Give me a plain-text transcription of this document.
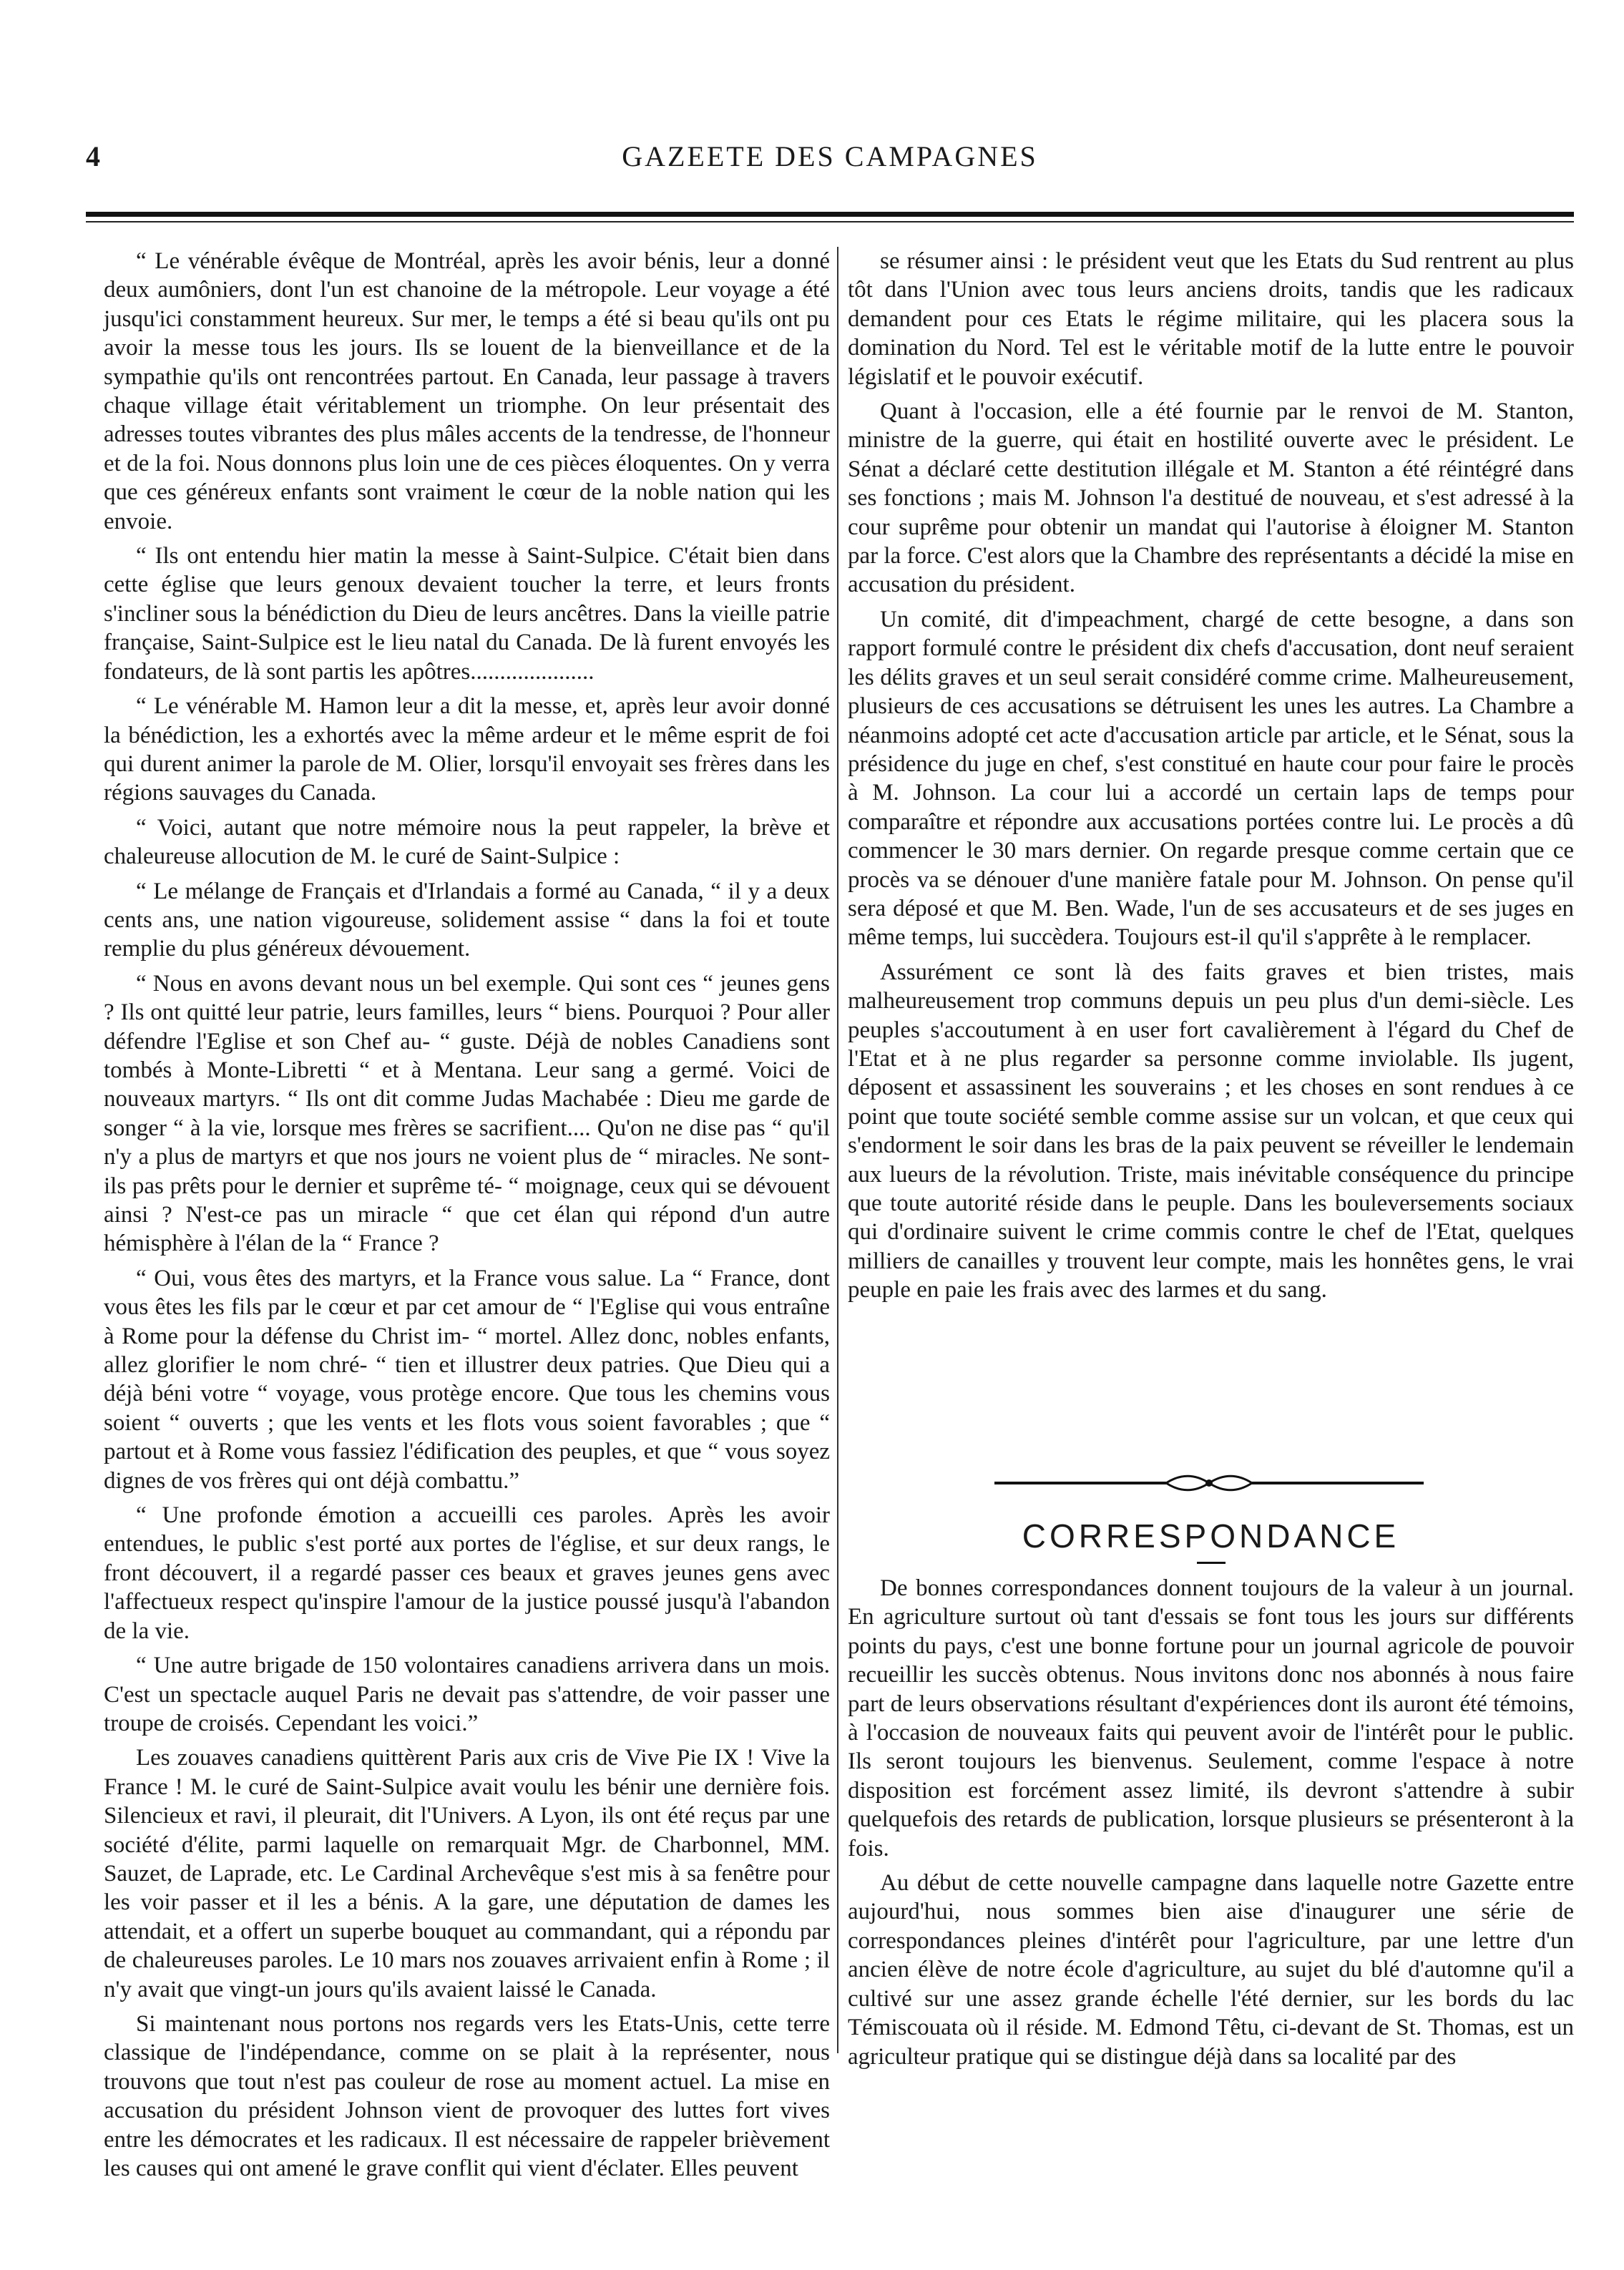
4	GAZEETE DES CAMPAGNES

“ Le vénérable évêque de Montréal, après les avoir bénis, leur a donné deux aumôniers, dont l'un est chanoine de la métropole. Leur voyage a été jusqu'ici constamment heureux. Sur mer, le temps a été si beau qu'ils ont pu avoir la messe tous les jours. Ils se louent de la bienveillance et de la sympathie qu'ils ont rencontrées partout. En Canada, leur passage à travers chaque village était véritablement un triomphe. On leur présentait des adresses toutes vibrantes des plus mâles accents de la tendresse, de l'honneur et de la foi. Nous donnons plus loin une de ces pièces éloquentes. On y verra que ces généreux enfants sont vraiment le cœur de la noble nation qui les envoie.

“ Ils ont entendu hier matin la messe à Saint-Sulpice. C'était bien dans cette église que leurs genoux devaient toucher la terre, et leurs fronts s'incliner sous la bénédiction du Dieu de leurs ancêtres. Dans la vieille patrie française, Saint-Sulpice est le lieu natal du Canada. De là furent envoyés les fondateurs, de là sont partis les apôtres.....................

“ Le vénérable M. Hamon leur a dit la messe, et, après leur avoir donné la bénédiction, les a exhortés avec la même ardeur et le même esprit de foi qui durent animer la parole de M. Olier, lorsqu'il envoyait ses frères dans les régions sauvages du Canada.

“ Voici, autant que notre mémoire nous la peut rappeler, la brève et chaleureuse allocution de M. le curé de Saint-Sulpice :

“ Le mélange de Français et d'Irlandais a formé au Canada, “ il y a deux cents ans, une nation vigoureuse, solidement assise “ dans la foi et toute remplie du plus généreux dévouement.

“ Nous en avons devant nous un bel exemple. Qui sont ces “ jeunes gens ? Ils ont quitté leur patrie, leurs familles, leurs “ biens. Pourquoi ? Pour aller défendre l'Eglise et son Chef au- “ guste. Déjà de nobles Canadiens sont tombés à Monte-Libretti “ et à Mentana. Leur sang a germé. Voici de nouveaux martyrs. “ Ils ont dit comme Judas Machabée : Dieu me garde de songer “ à la vie, lorsque mes frères se sacrifient.... Qu'on ne dise pas “ qu'il n'y a plus de martyrs et que nos jours ne voient plus de “ miracles. Ne sont-ils pas prêts pour le dernier et suprême té- “ moignage, ceux qui se dévouent ainsi ? N'est-ce pas un miracle “ que cet élan qui répond d'un autre hémisphère à l'élan de la “ France ?

“ Oui, vous êtes des martyrs, et la France vous salue. La “ France, dont vous êtes les fils par le cœur et par cet amour de “ l'Eglise qui vous entraîne à Rome pour la défense du Christ im- “ mortel. Allez donc, nobles enfants, allez glorifier le nom chré- “ tien et illustrer deux patries. Que Dieu qui a déjà béni votre “ voyage, vous protège encore. Que tous les chemins vous soient “ ouverts ; que les vents et les flots vous soient favorables ; que “ partout et à Rome vous fassiez l'édification des peuples, et que “ vous soyez dignes de vos frères qui ont déjà combattu.”

“ Une profonde émotion a accueilli ces paroles. Après les avoir entendues, le public s'est porté aux portes de l'église, et sur deux rangs, le front découvert, il a regardé passer ces beaux et graves jeunes gens avec l'affectueux respect qu'inspire l'amour de la justice poussé jusqu'à l'abandon de la vie.

“ Une autre brigade de 150 volontaires canadiens arrivera dans un mois. C'est un spectacle auquel Paris ne devait pas s'attendre, de voir passer une troupe de croisés. Cependant les voici.”

Les zouaves canadiens quittèrent Paris aux cris de Vive Pie IX ! Vive la France ! M. le curé de Saint-Sulpice avait voulu les bénir une dernière fois. Silencieux et ravi, il pleurait, dit l'Univers. A Lyon, ils ont été reçus par une société d'élite, parmi laquelle on remarquait Mgr. de Charbonnel, MM. Sauzet, de Laprade, etc. Le Cardinal Archevêque s'est mis à sa fenêtre pour les voir passer et il les a bénis. A la gare, une députation de dames les attendait, et a offert un superbe bouquet au commandant, qui a répondu par de chaleureuses paroles. Le 10 mars nos zouaves arrivaient enfin à Rome ; il n'y avait que vingt-un jours qu'ils avaient laissé le Canada.

Si maintenant nous portons nos regards vers les Etats-Unis, cette terre classique de l'indépendance, comme on se plait à la représenter, nous trouvons que tout n'est pas couleur de rose au moment actuel. La mise en accusation du président Johnson vient de provoquer des luttes fort vives entre les démocrates et les radicaux. Il est nécessaire de rappeler brièvement les causes qui ont amené le grave conflit qui vient d'éclater. Elles peuvent

se résumer ainsi : le président veut que les Etats du Sud rentrent au plus tôt dans l'Union avec tous leurs anciens droits, tandis que les radicaux demandent pour ces Etats le régime militaire, qui les placera sous la domination du Nord. Tel est le véritable motif de la lutte entre le pouvoir législatif et le pouvoir exécutif.

Quant à l'occasion, elle a été fournie par le renvoi de M. Stanton, ministre de la guerre, qui était en hostilité ouverte avec le président. Le Sénat a déclaré cette destitution illégale et M. Stanton a été réintégré dans ses fonctions ; mais M. Johnson l'a destitué de nouveau, et s'est adressé à la cour suprême pour obtenir un mandat qui l'autorise à éloigner M. Stanton par la force. C'est alors que la Chambre des représentants a décidé la mise en accusation du président.

Un comité, dit d'impeachment, chargé de cette besogne, a dans son rapport formulé contre le président dix chefs d'accusation, dont neuf seraient les délits graves et un seul serait considéré comme crime. Malheureusement, plusieurs de ces accusations se détruisent les unes les autres. La Chambre a néanmoins adopté cet acte d'accusation article par article, et le Sénat, sous la présidence du juge en chef, s'est constitué en haute cour pour faire le procès à M. Johnson. La cour lui a accordé un certain laps de temps pour comparaître et répondre aux accusations portées contre lui. Le procès a dû commencer le 30 mars dernier. On regarde presque comme certain que ce procès va se dénouer d'une manière fatale pour M. Johnson. On pense qu'il sera déposé et que M. Ben. Wade, l'un de ses accusateurs et de ses juges en même temps, lui succèdera. Toujours est-il qu'il s'apprête à le remplacer.

Assurément ce sont là des faits graves et bien tristes, mais malheureusement trop communs depuis un peu plus d'un demi-siècle. Les peuples s'accoutument à en user fort cavalièrement à l'égard du Chef de l'Etat et à ne plus regarder sa personne comme inviolable. Ils jugent, déposent et assassinent les souverains ; et les choses en sont rendues à ce point que toute société semble comme assise sur un volcan, et que ceux qui s'endorment le soir dans les bras de la paix peuvent se réveiller le lendemain aux lueurs de la révolution. Triste, mais inévitable conséquence du principe que toute autorité réside dans le peuple. Dans les bouleversements sociaux qui d'ordinaire suivent le crime commis contre le chef de l'Etat, quelques milliers de canailles y trouvent leur compte, mais les honnêtes gens, le vrai peuple en paie les frais avec des larmes et du sang.

CORRESPONDANCE

De bonnes correspondances donnent toujours de la valeur à un journal. En agriculture surtout où tant d'essais se font tous les jours sur différents points du pays, c'est une bonne fortune pour un journal agricole de pouvoir recueillir les succès obtenus. Nous invitons donc nos abonnés à nous faire part de leurs observations résultant d'expériences dont ils auront été témoins, à l'occasion de nouveaux faits qui peuvent avoir de l'intérêt pour le public. Ils seront toujours les bienvenus. Seulement, comme l'espace à notre disposition est forcément assez limité, ils devront s'attendre à subir quelquefois des retards de publication, lorsque plusieurs se présenteront à la fois.

Au début de cette nouvelle campagne dans laquelle notre Gazette entre aujourd'hui, nous sommes bien aise d'inaugurer une série de correspondances pleines d'intérêt pour l'agriculture, par une lettre d'un ancien élève de notre école d'agriculture, au sujet du blé d'automne qu'il a cultivé sur une assez grande échelle l'été dernier, sur les bords du lac Témiscouata où il réside. M. Edmond Têtu, ci-devant de St. Thomas, est un agriculteur pratique qui se distingue déjà dans sa localité par des
